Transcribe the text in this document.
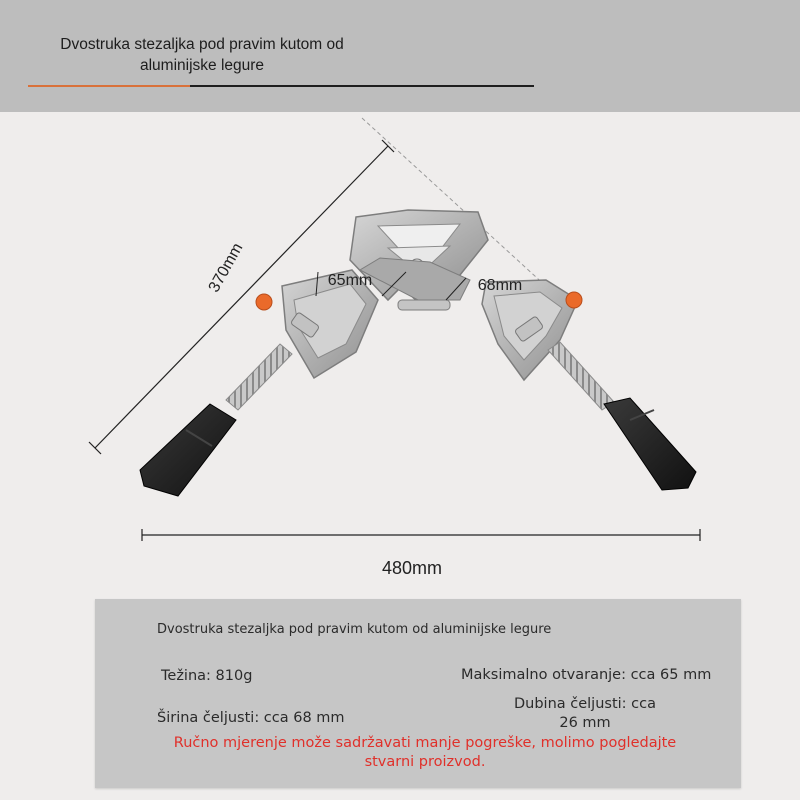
Dvostruka stezaljka pod pravim kutom od aluminijske legure
370mm
480mm
65mm	68mm
Dvostruka stezaljka pod pravim kutom od aluminijske legure
Težina: 810g	Maksimalno otvaranje: cca 65 mm
Širina čeljusti: cca 68 mm
Dubina čeljusti: cca 26 mm
Ručno mjerenje može sadržavati manje pogreške, molimo pogledajte stvarni proizvod.
